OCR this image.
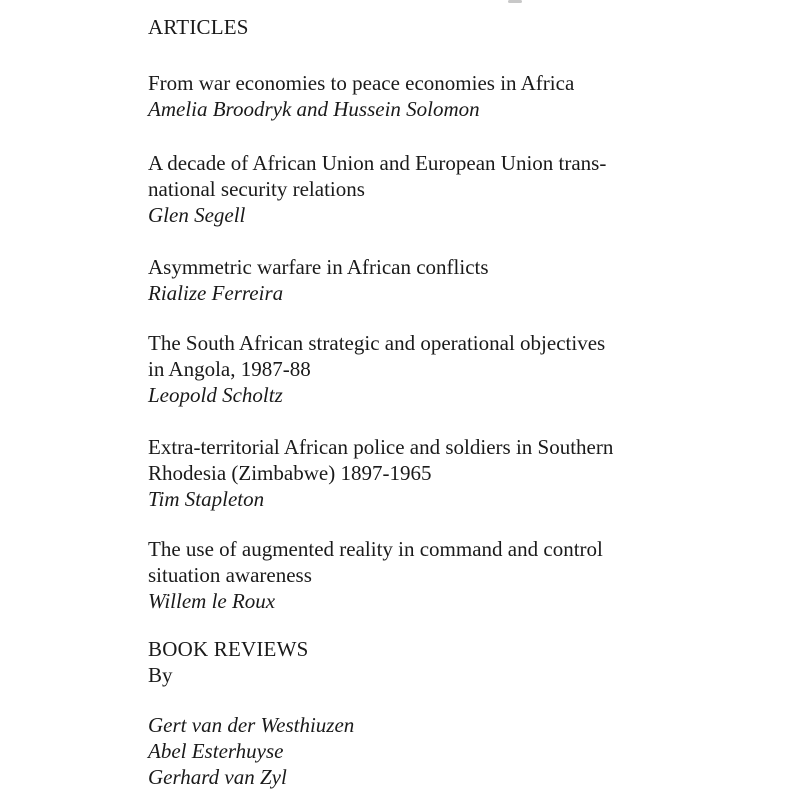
ARTICLES
From war economies to peace economies in Africa
Amelia Broodryk and Hussein Solomon
A decade of African Union and European Union trans-
national security relations
Glen Segell
Asymmetric warfare in African conflicts
Rialize Ferreira
The South African strategic and operational objectives
in Angola, 1987-88
Leopold Scholtz
Extra-territorial African police and soldiers in Southern
Rhodesia (Zimbabwe) 1897-1965
Tim Stapleton
The use of augmented reality in command and control
situation awareness
Willem le Roux
BOOK REVIEWS

By

Gert van der Westhiuzen
Abel Esterhuyse
Gerhard van Zyl
